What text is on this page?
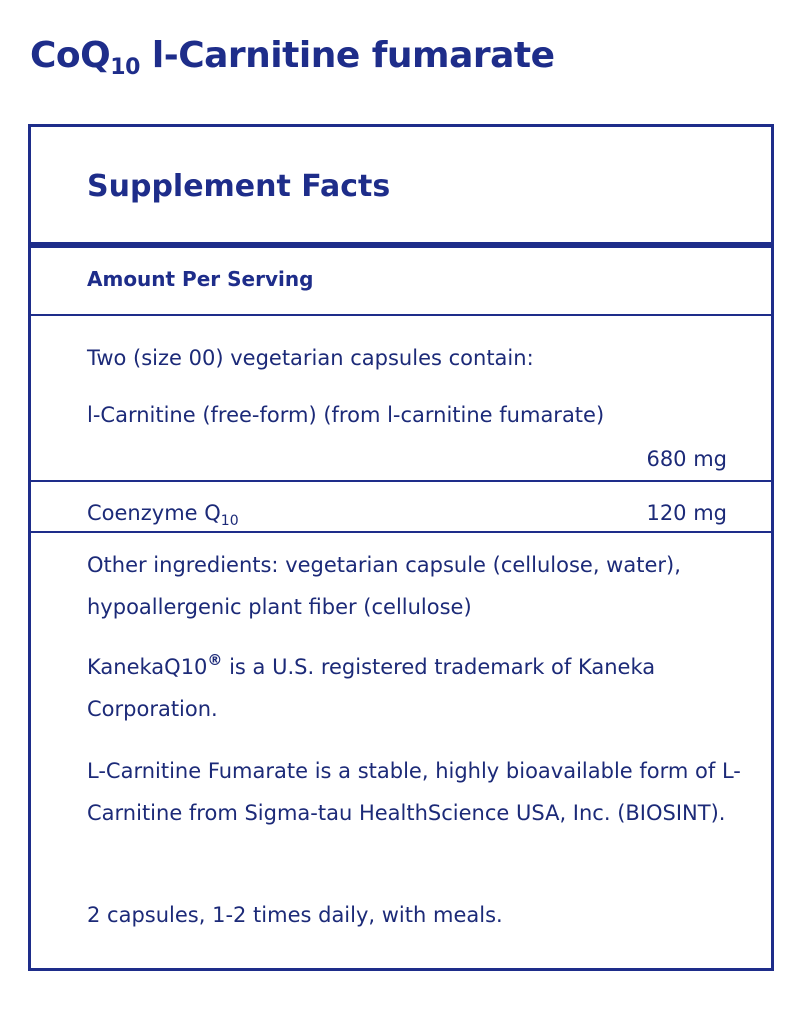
CoQ$_{10}$ l-Carnitine fumarate
Supplement Facts
Amount Per Serving
Two (size 00) vegetarian capsules contain:
l-Carnitine (free-form) (from l-carnitine fumarate)
680 mg
Coenzyme $Q_{10}$	120 mg

Other ingredients: vegetarian capsule (cellulose, water), hypoallergenic plant fiber (cellulose)

KanekaQ10® is a U.S. registered trademark of Kaneka Corporation.

L-Carnitine Fumarate is a stable, highly bioavailable form of L-Carnitine from Sigma-tau HealthScience USA, Inc. (BIOSINT).

2 capsules, 1-2 times daily, with meals.
